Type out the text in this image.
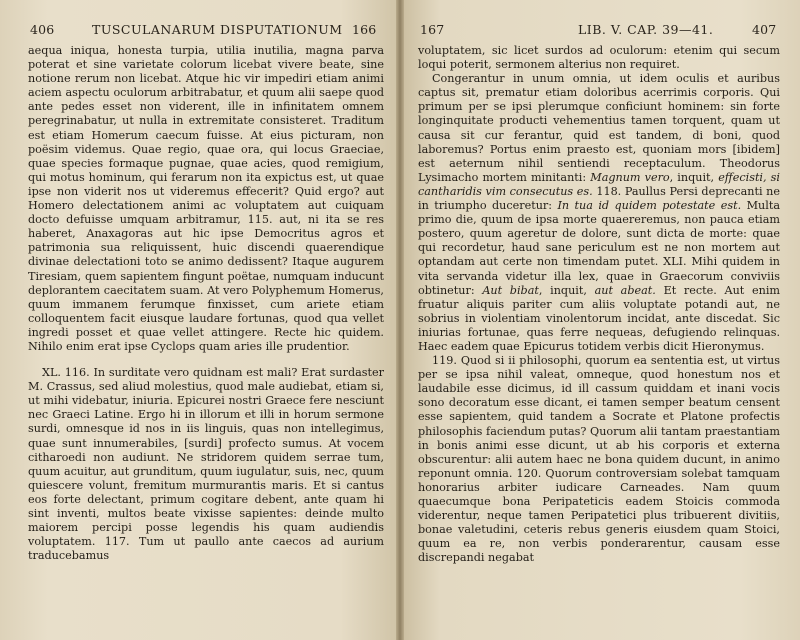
406	TUSCULANARUM DISPUTATIONUM 166

aequa iniqua, honesta turpia, utilia inutilia, magna parva poterat et sine varietate colorum licebat vivere beate, sine notione rerum non licebat. Atque hic vir impediri etiam animi aciem aspectu oculorum arbitrabatur, et quum alii saepe quod ante pedes esset non viderent, ille in infinitatem omnem peregrinabatur, ut nulla in extremitate consisteret. Traditum est etiam Homerum caecum fuisse. At eius picturam, non poësim videmus. Quae regio, quae ora, qui locus Graeciae, quae species formaque pugnae, quae acies, quod remigium, qui motus hominum, qui ferarum non ita expictus est, ut quae ipse non viderit nos ut videremus effecerit? Quid ergo? aut Homero delectationem animi ac voluptatem aut cuiquam docto defuisse umquam arbitramur, 115. aut, ni ita se res haberet, Anaxagoras aut hic ipse Democritus agros et patrimonia sua reliquissent, huic discendi quaerendique divinae delectationi toto se animo dedissent? Itaque augurem Tiresiam, quem sapientem fingunt poëtae, numquam inducunt deplorantem caecitatem suam. At vero Polyphemum Homerus, quum immanem ferumque finxisset, cum ariete etiam colloquentem facit eiusque laudare fortunas, quod qua vellet ingredi posset et quae vellet attingere. Recte hic quidem. Nihilo enim erat ipse Cyclops quam aries ille prudentior.

XL. 116. In surditate vero quidnam est mali? Erat surdaster M. Crassus, sed aliud molestius, quod male audiebat, etiam si, ut mihi videbatur, iniuria. Epicurei nostri Graece fere nesciunt nec Graeci Latine. Ergo hi in illorum et illi in horum sermone surdi, omnesque id nos in iis linguis, quas non intellegimus, quae sunt innumerabiles, [surdi] profecto sumus. At vocem citharoedi non audiunt. Ne stridorem quidem serrae tum, quum acuitur, aut grunditum, quum iugulatur, suis, nec, quum quiescere volunt, fremitum murmurantis maris. Et si cantus eos forte delectant, primum cogitare debent, ante quam hi sint inventi, multos beate vixisse sapientes: deinde multo maiorem percipi posse legendis his quam audiendis voluptatem. 117. Tum ut paullo ante caecos ad aurium traducebamus

167	LIB. V. CAP. 39—41.	407

voluptatem, sic licet surdos ad oculorum: etenim qui secum loqui poterit, sermonem alterius non requiret.

Congerantur in unum omnia, ut idem oculis et auribus captus sit, prematur etiam doloribus acerrimis corporis. Qui primum per se ipsi plerumque conficiunt hominem: sin forte longinquitate producti vehementius tamen torquent, quam ut causa sit cur ferantur, quid est tandem, di boni, quod laboremus? Portus enim praesto est, quoniam mors [ibidem] est aeternum nihil sentiendi receptaculum. Theodorus Lysimacho mortem minitanti: Magnum vero, inquit, effecisti, si cantharidis vim consecutus es. 118. Paullus Persi deprecanti ne in triumpho duceretur: In tua id quidem potestate est. Multa primo die, quum de ipsa morte quaereremus, non pauca etiam postero, quum ageretur de dolore, sunt dicta de morte: quae qui recordetur, haud sane periculum est ne non mortem aut optandam aut certe non timendam putet. XLI. Mihi quidem in vita servanda videtur illa lex, quae in Graecorum conviviis obtinetur: Aut bibat, inquit, aut abeat. Et recte. Aut enim fruatur aliquis pariter cum aliis voluptate potandi aut, ne sobrius in violentiam vinolentorum incidat, ante discedat. Sic iniurias fortunae, quas ferre nequeas, defugiendo relinquas. Haec eadem quae Epicurus totidem verbis dicit Hieronymus.

119. Quod si ii philosophi, quorum ea sententia est, ut virtus per se ipsa nihil valeat, omneque, quod honestum nos et laudabile esse dicimus, id ill cassum quiddam et inani vocis sono decoratum esse dicant, ei tamen semper beatum censent esse sapientem, quid tandem a Socrate et Platone profectis philosophis faciendum putas? Quorum alii tantam praestantiam in bonis animi esse dicunt, ut ab his corporis et externa obscurentur: alii autem haec ne bona quidem ducunt, in animo reponunt omnia. 120. Quorum controversiam solebat tamquam honorarius arbiter iudicare Carneades. Nam quum quaecumque bona Peripateticis eadem Stoicis commoda viderentur, neque tamen Peripatetici plus tribuerent divitiis, bonae valetudini, ceteris rebus generis eiusdem quam Stoici, quum ea re, non verbis ponderarentur, causam esse discrepandi negabat
